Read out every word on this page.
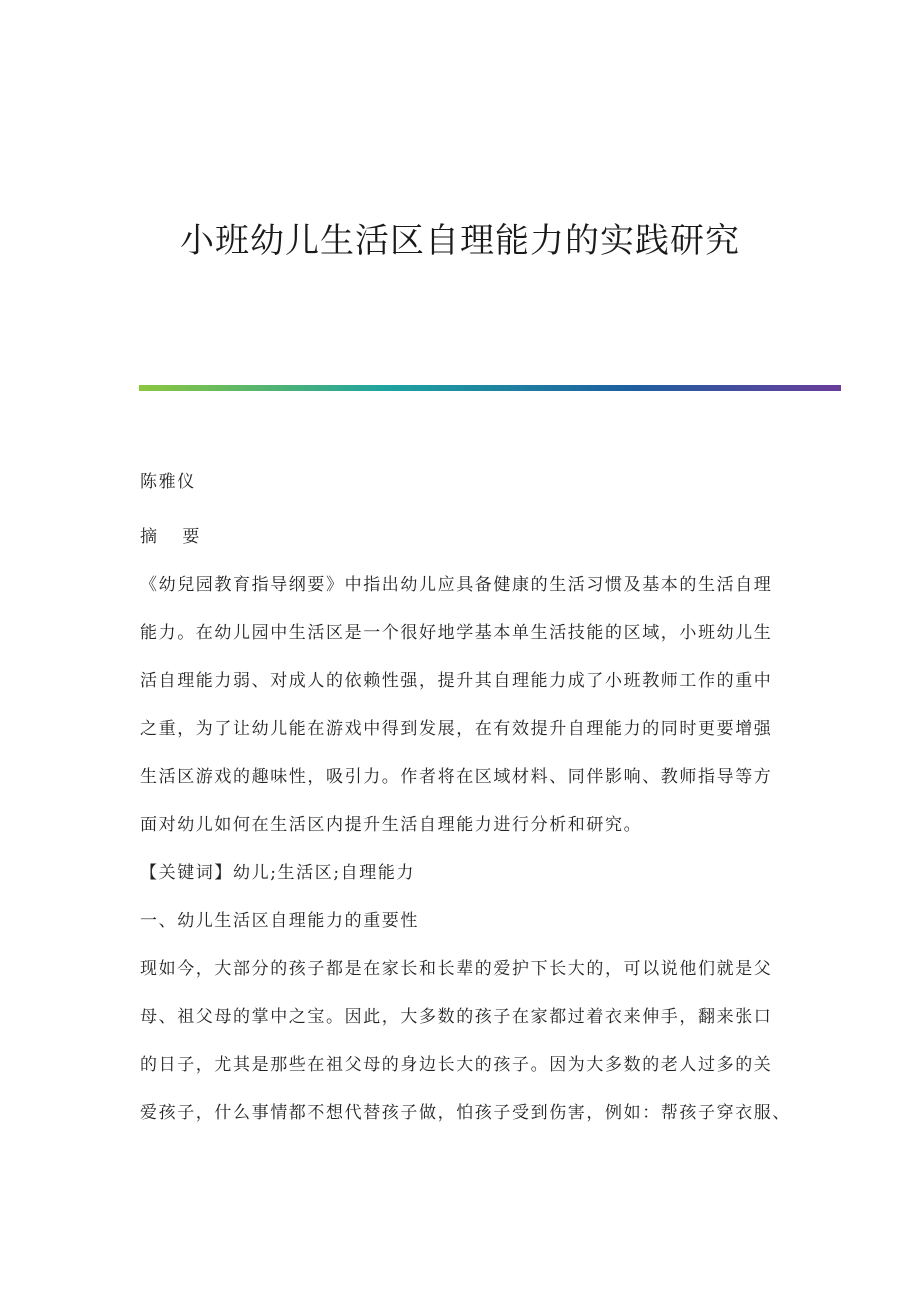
小班幼儿生活区自理能力的实践研究

陈雅仪

摘 要

《幼兒园教育指导纲要》中指出幼儿应具备健康的生活习惯及基本的生活自理

能力。在幼儿园中生活区是一个很好地学基本单生活技能的区域，小班幼儿生

活自理能力弱、对成人的依赖性强，提升其自理能力成了小班教师工作的重中

之重，为了让幼儿能在游戏中得到发展，在有效提升自理能力的同时更要增强

生活区游戏的趣味性，吸引力。作者将在区域材料、同伴影响、教师指导等方

面对幼儿如何在生活区内提升生活自理能力进行分析和研究。

【关键词】幼儿;生活区;自理能力

一、幼儿生活区自理能力的重要性

现如今，大部分的孩子都是在家长和长辈的爱护下长大的，可以说他们就是父

母、祖父母的掌中之宝。因此，大多数的孩子在家都过着衣来伸手，翻来张口

的日子，尤其是那些在祖父母的身边长大的孩子。因为大多数的老人过多的关

爱孩子，什么事情都不想代替孩子做，怕孩子受到伤害，例如：帮孩子穿衣服、
